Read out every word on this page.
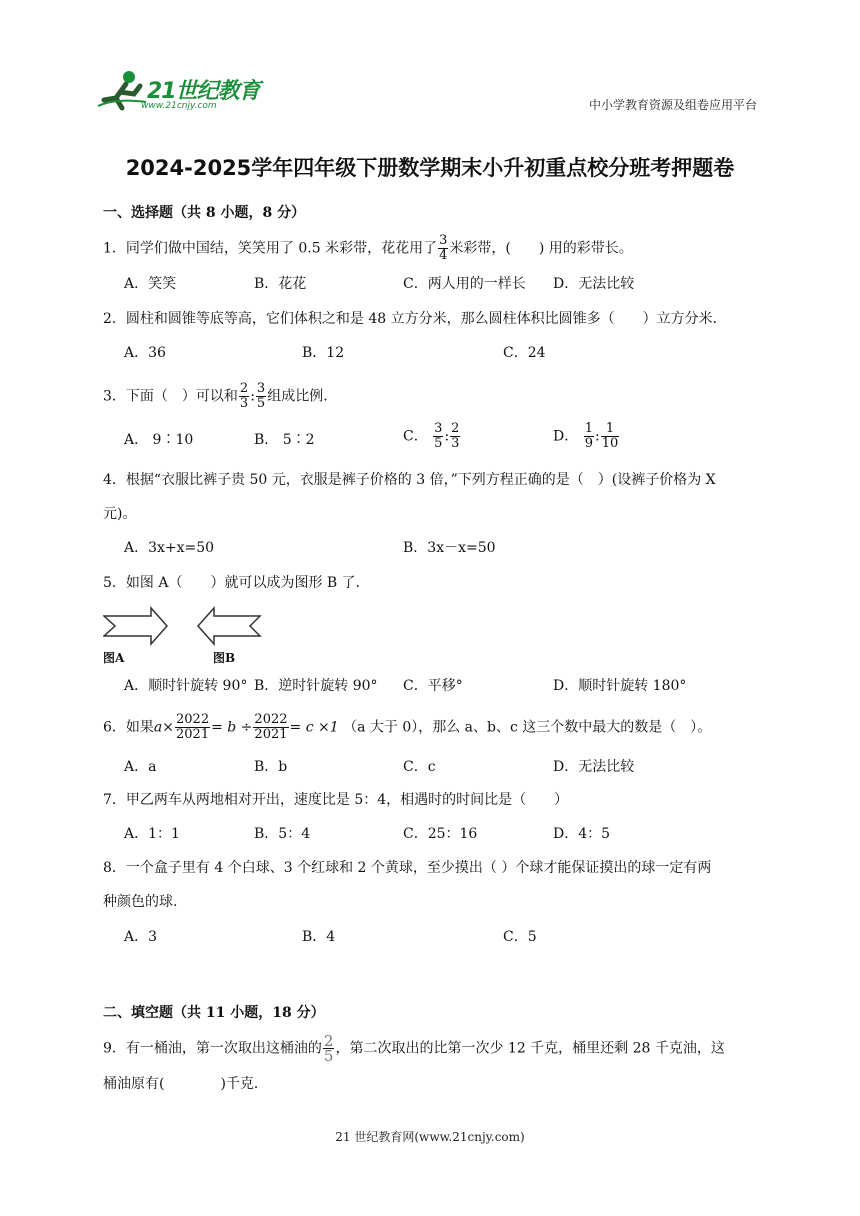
21世纪教育
www.21cnjy.com	中小学教育资源及组卷应用平台
2024-2025学年四年级下册数学期末小升初重点校分班考押题卷
一、选择题（共 8 小题，8 分）
1．同学们做中国结，笑笑用了 0.5 米彩带，花花用了 $\frac{3}{4}$ 米彩带，(　　) 用的彩带长。
A．笑笑	B．花花	C．两人用的一样长 D．无法比较
2．圆柱和圆锥等底等高，它们体积之和是 48 立方分米，那么圆柱体积比圆锥多（　　）立方分米．
A．36	B．12	C．24
3．下面（　）可以和 $\frac{2}{3}$ : $\frac{3}{5}$ 组成比例．
A． 9∶10	B． 5∶2	C． $\frac{3}{5}$ : $\frac{2}{3}$	D． $\frac{1}{9}$ : $\frac{1}{10}$
4．根据“衣服比裤子贵 50 元，衣服是裤子价格的 3 倍，”下列方程正确的是（　）(设裤子价格为 X
元)。
A．3x+x=50	B．3x－x=50
5．如图 A（　　）就可以成为图形 B 了．
图A	图B
A．顺时针旋转 90° B．逆时针旋转 90° C．平移°	D．顺时针旋转 180°
6．如果$a\times \frac{2022}{2021} = b \div \frac{2022}{2021} = c \times 1$ （a 大于 0），那么 a、b、c 这三个数中最大的数是（　）。
A．a	B．b	C．c	D．无法比较
7．甲乙两车从两地相对开出，速度比是 5：4，相遇时的时间比是（　　）
A．1：1	B．5：4	C．25：16	D．4：5
8．一个盒子里有 4 个白球、3 个红球和 2 个黄球，至少摸出（ ）个球才能保证摸出的球一定有两
种颜色的球.
A．3	B．4	C．5
二、填空题（共 11 小题，18 分）
9．有一桶油，第一次取出这桶油的 $\frac{2}{5}$ ，第二次取出的比第一次少 12 千克，桶里还剩 28 千克油，这
桶油原有(　　　　)千克．
21 世纪教育网(www.21cnjy.com)
